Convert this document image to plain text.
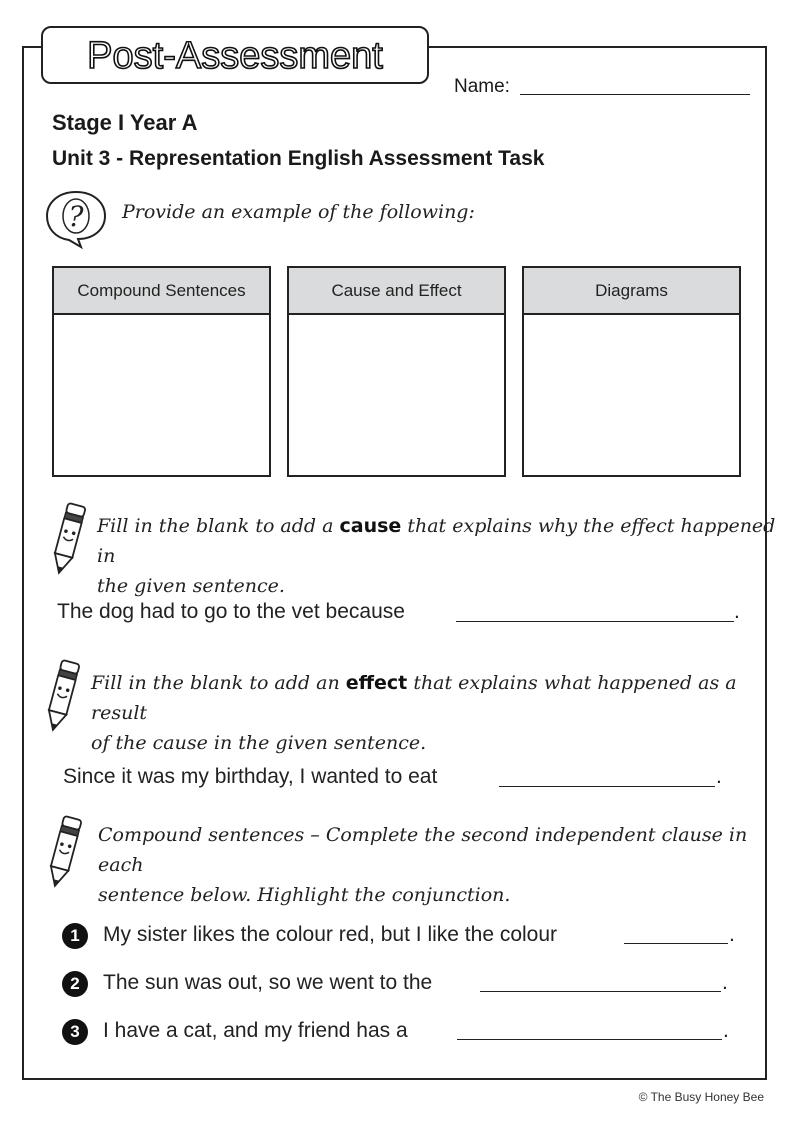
Post-Assessment
Name:
Stage I Year A
Unit 3 - Representation English Assessment Task
? Provide an example of the following:
Compound Sentences	Cause and Effect	Diagrams
Fill in the blank to add a cause that explains why the effect happened in
the given sentence.
The dog had to go to the vet because	.
Fill in the blank to add an effect that explains what happened as a result
of the cause in the given sentence.
Since it was my birthday, I wanted to eat	.
Compound sentences – Complete the second independent clause in each
sentence below. Highlight the conjunction.
1	My sister likes the colour red, but I like the colour	.
2	The sun was out, so we went to the	.
3	I have a cat, and my friend has a	.
© The Busy Honey Bee
